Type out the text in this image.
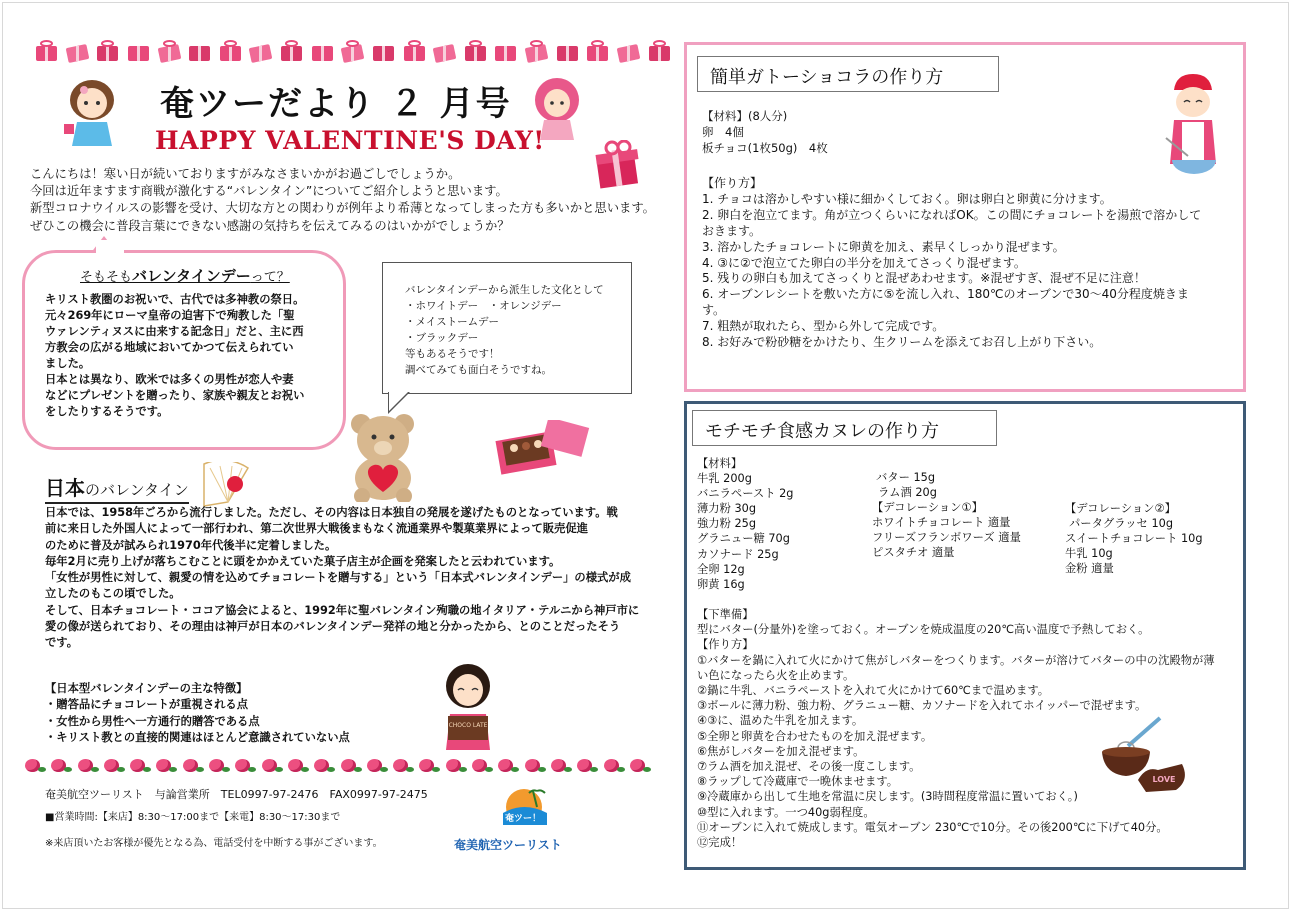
奄ツーだより ２ 月号
HAPPY VALENTINE'S DAY!
こんにちは！寒い日が続いておりますがみなさまいかがお過ごしでしょうか。
今回は近年ますます商戦が激化する“バレンタイン”についてご紹介しようと思います。
新型コロナウイルスの影響を受け、大切な方との関わりが例年より希薄となってしまった方も多いかと思います。
ぜひこの機会に普段言葉にできない感謝の気持ちを伝えてみるのはいかがでしょうか？
そもそもバレンタインデーって？
キリスト教圏のお祝いで、古代では多神教の祭日。
元々269年にローマ皇帝の迫害下で殉教した「聖
ウァレンティヌスに由来する記念日」だと、主に西
方教会の広がる地域においてかつて伝えられてい
ました。
日本とは異なり、欧米では多くの男性が恋人や妻
などにプレゼントを贈ったり、家族や親友とお祝い
をしたりするそうです。
バレンタインデーから派生した文化として
・ホワイトデー　・オレンジデー
・メイストームデー
・ブラックデー
等もあるそうです！
調べてみても面白そうですね。
日本のバレンタイン
日本では、1958年ごろから流行しました。ただし、その内容は日本独自の発展を遂げたものとなっています。戦
前に来日した外国人によって一部行われ、第二次世界大戦後まもなく流通業界や製菓業界によって販売促進
のために普及が試みられ1970年代後半に定着しました。
毎年2月に売り上げが落ちこむことに頭をかかえていた菓子店主が企画を発案したと云われています。
「女性が男性に対して、親愛の情を込めてチョコレートを贈与する」という「日本式バレンタインデー」の様式が成
立したのもこの頃でした。
そして、日本チョコレート・ココア協会によると、1992年に聖バレンタイン殉職の地イタリア・テルニから神戸市に
愛の像が送られており、その理由は神戸が日本のバレンタインデー発祥の地と分かったから、とのことだったそう
です。
【日本型バレンタインデーの主な特徴】
・贈答品にチョコレートが重視される点
・女性から男性へ一方通行的贈答である点
・キリスト教との直接的関連はほとんど意識されていない点
CHOCO LATE
奄美航空ツーリスト　与論営業所　TEL0997-97-2476　FAX0997-97-2475
■営業時間:【来店】8:30～17:00まで【来電】8:30～17:30まで
※来店頂いたお客様が優先となる為、電話受付を中断する事がございます。
奄ツー！
奄美航空ツーリスト
簡単ガトーショコラの作り方
【材料】(8人分)
卵　4個
板チョコ(1枚50g)　4枚
【作り方】
1. チョコは溶かしやすい様に細かくしておく。卵は卵白と卵黄に分けます。
2. 卵白を泡立てます。角が立つくらいになればOK。この間にチョコレートを湯煎で溶かして
おきます。
3. 溶かしたチョコレートに卵黄を加え、素早くしっかり混ぜます。
4. ③に②で泡立てた卵白の半分を加えてさっくり混ぜます。
5. 残りの卵白も加えてさっくりと混ぜあわせます。※混ぜすぎ、混ぜ不足に注意！
6. オーブンレシートを敷いた方に⑤を流し入れ、180℃のオーブンで30～40分程度焼きま
す。
7. 粗熱が取れたら、型から外して完成です。
8. お好みで粉砂糖をかけたり、生クリームを添えてお召し上がり下さい。
モチモチ食感カヌレの作り方
【材料】
牛乳 200g
バニラペースト 2g
薄力粉 30g
強力粉 25g
グラニュー糖 70g
カソナード 25g
全卵 12g
卵黄 16g
バター 15g
ラム酒 20g
【デコレーション①】
ホワイトチョコレート 適量
フリーズフランボワーズ 適量
ピスタチオ 適量
【デコレーション②】
パータグラッセ 10g
スイートチョコレート 10g
牛乳 10g
金粉 適量
【下準備】
型にバター(分量外)を塗っておく。オーブンを焼成温度の20℃高い温度で予熱しておく。
【作り方】
①バターを鍋に入れて火にかけて焦がしバターをつくります。バターが溶けてバターの中の沈殿物が薄
い色になったら火を止めます。
②鍋に牛乳、バニラペーストを入れて火にかけて60℃まで温めます。
③ボールに薄力粉、強力粉、グラニュー糖、カソナードを入れてホイッパーで混ぜます。
④③に、温めた牛乳を加えます。
⑤全卵と卵黄を合わせたものを加え混ぜます。
⑥焦がしバターを加え混ぜます。
⑦ラム酒を加え混ぜ、その後一度こします。
⑧ラップして冷蔵庫で一晩休ませます。
⑨冷蔵庫から出して生地を常温に戻します。(3時間程度常温に置いておく。)
⑩型に入れます。一つ40g弱程度。
⑪オーブンに入れて焼成します。電気オーブン 230℃で10分。その後200℃に下げて40分。
⑫完成！
LOVE
